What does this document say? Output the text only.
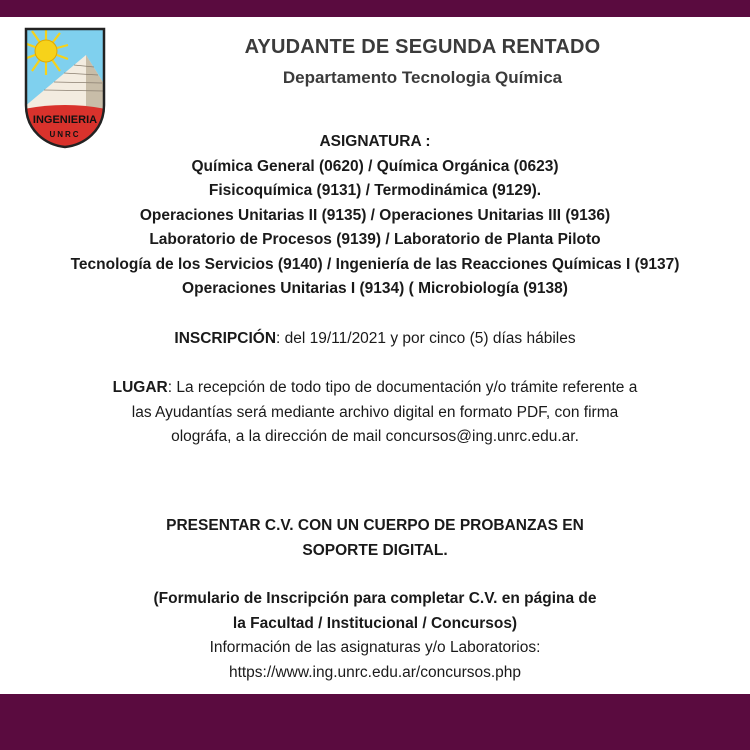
INGENIERIA
UNRC
AYUDANTE DE SEGUNDA RENTADO
Departamento Tecnologia Química
ASIGNATURA :
Química General (0620) / Química Orgánica (0623)
Fisicoquímica (9131) / Termodinámica (9129).
Operaciones Unitarias II (9135) / Operaciones Unitarias III (9136)
Laboratorio de Procesos (9139) / Laboratorio de Planta Piloto
Tecnología de los Servicios (9140) / Ingeniería de las Reacciones Químicas I (9137)
Operaciones Unitarias I (9134) ( Microbiología (9138)
INSCRIPCIÓN: del 19/11/2021 y por cinco (5) días hábiles
LUGAR: La recepción de todo tipo de documentación y/o trámite referente a las Ayudantías será mediante archivo digital en formato PDF, con firma olográfa, a la dirección de mail concursos@ing.unrc.edu.ar.
PRESENTAR C.V. CON UN CUERPO DE PROBANZAS EN
SOPORTE DIGITAL.
(Formulario de Inscripción para completar C.V. en página de
la Facultad / Institucional / Concursos)
Información de las asignaturas y/o Laboratorios:
https://www.ing.unrc.edu.ar/concursos.php
